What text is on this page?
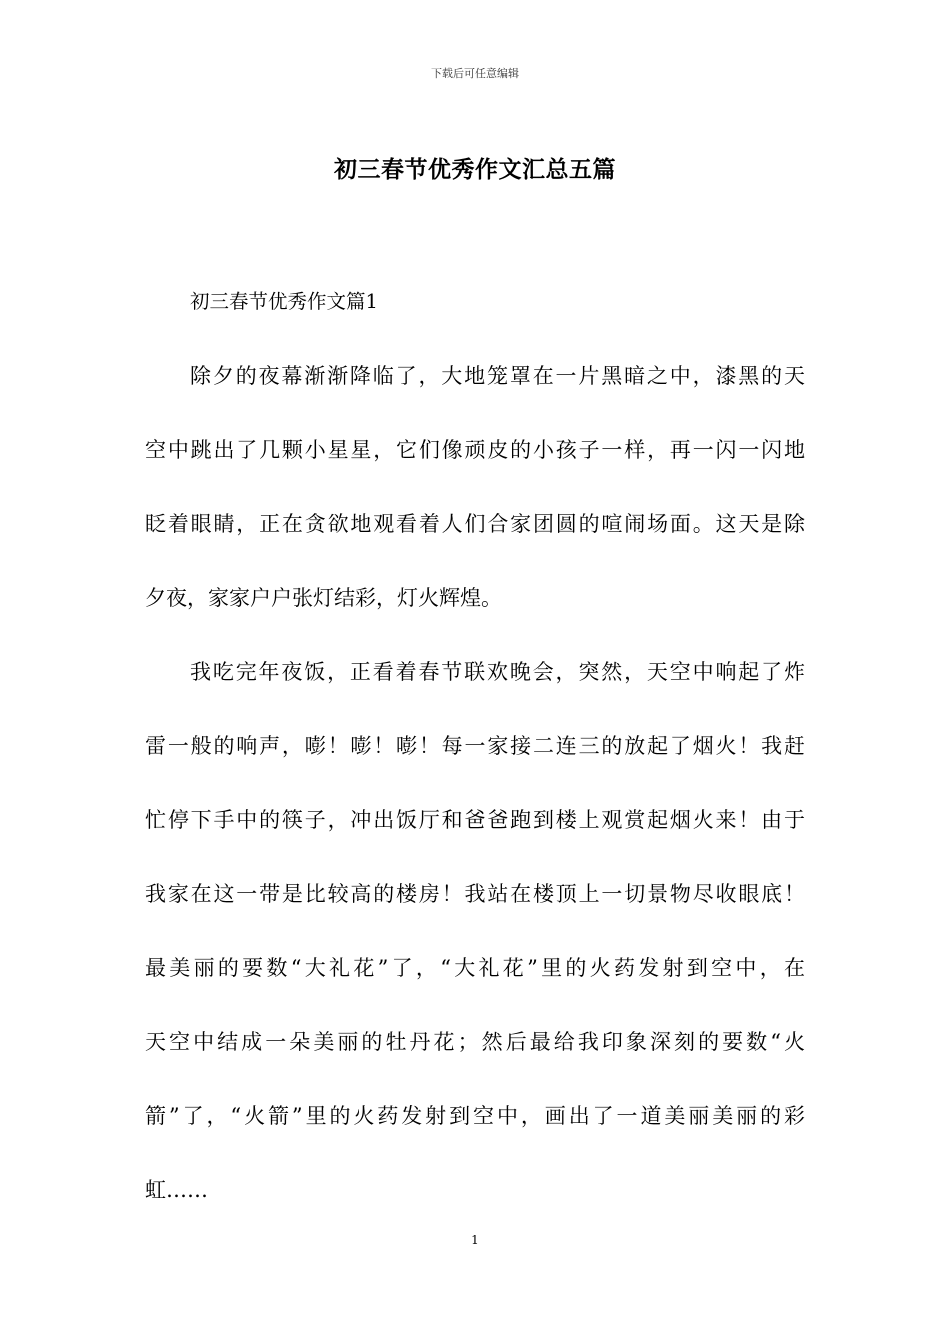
下载后可任意编辑
初三春节优秀作文汇总五篇
初三春节优秀作文篇1
除夕的夜幕渐渐降临了，大地笼罩在一片黑暗之中，漆黑的天
空中跳出了几颗小星星，它们像顽皮的小孩子一样，再一闪一闪地
眨着眼睛，正在贪欲地观看着人们合家团圆的喧闹场面。这天是除
夕夜，家家户户张灯结彩，灯火辉煌。
我吃完年夜饭，正看着春节联欢晚会，突然，天空中响起了炸
雷一般的响声，嘭！嘭！嘭！每一家接二连三的放起了烟火！我赶
忙停下手中的筷子，冲出饭厅和爸爸跑到楼上观赏起烟火来！由于
我家在这一带是比较高的楼房！我站在楼顶上一切景物尽收眼底！
最美丽的要数“大礼花”了，“大礼花”里的火药发射到空中，在
天空中结成一朵美丽的牡丹花；然后最给我印象深刻的要数“火
箭”了，“火箭”里的火药发射到空中，画出了一道美丽美丽的彩
虹……
1
